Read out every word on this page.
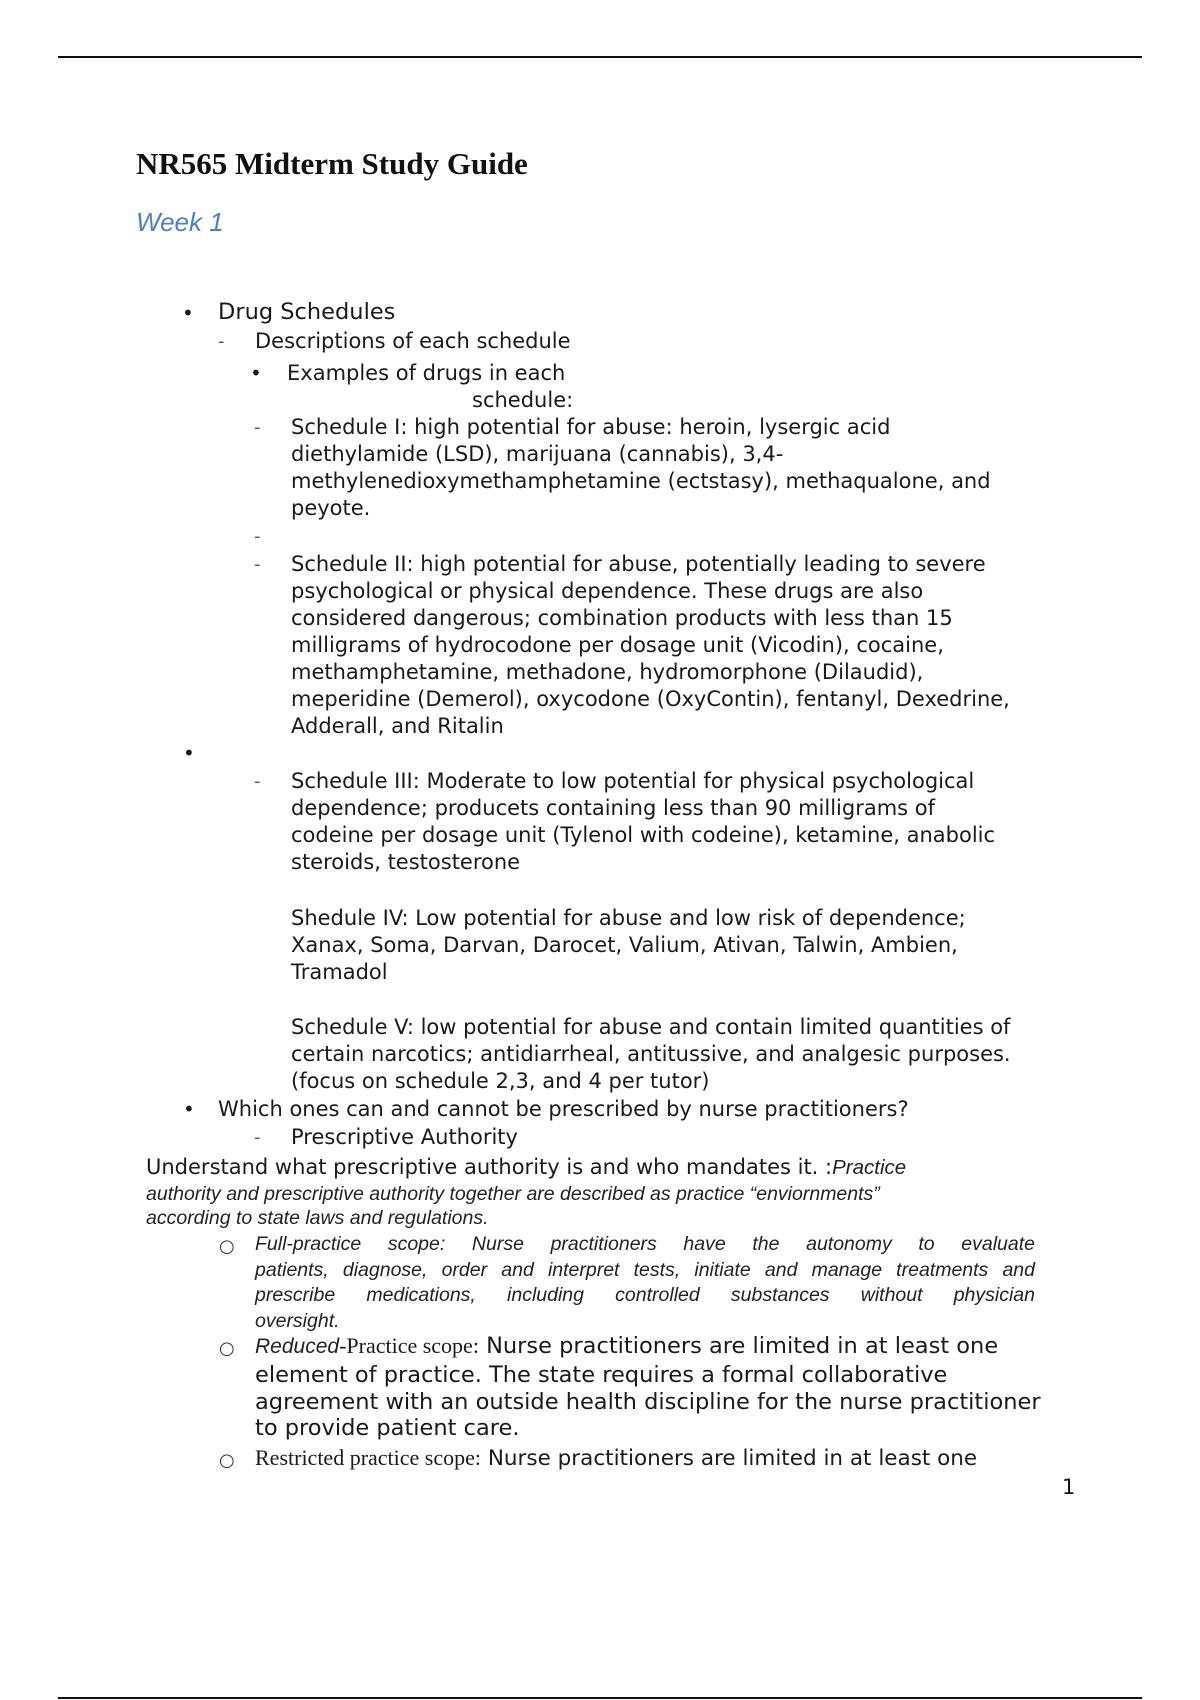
NR565 Midterm Study Guide
Week 1
• Drug Schedules
- Descriptions of each schedule
• Examples of drugs in each
schedule:
- Schedule I: high potential for abuse: heroin, lysergic acid
diethylamide (LSD), marijuana (cannabis), 3,4-
methylenedioxymethamphetamine (ectstasy), methaqualone, and
peyote.
-
- Schedule II: high potential for abuse, potentially leading to severe
psychological or physical dependence. These drugs are also
considered dangerous; combination products with less than 15
milligrams of hydrocodone per dosage unit (Vicodin), cocaine,
methamphetamine, methadone, hydromorphone (Dilaudid),
meperidine (Demerol), oxycodone (OxyContin), fentanyl, Dexedrine,
Adderall, and Ritalin
•
- Schedule III: Moderate to low potential for physical psychological
dependence; producets containing less than 90 milligrams of
codeine per dosage unit (Tylenol with codeine), ketamine, anabolic
steroids, testosterone
Shedule IV: Low potential for abuse and low risk of dependence;
Xanax, Soma, Darvan, Darocet, Valium, Ativan, Talwin, Ambien,
Tramadol
Schedule V: low potential for abuse and contain limited quantities of
certain narcotics; antidiarrheal, antitussive, and analgesic purposes.
(focus on schedule 2,3, and 4 per tutor)
• Which ones can and cannot be prescribed by nurse practitioners?
- Prescriptive Authority
Understand what prescriptive authority is and who mandates it. :Practice
authority and prescriptive authority together are described as practice “enviornments”
according to state laws and regulations.
○ Full-practice scope: Nurse practitioners have the autonomy to evaluate
patients, diagnose, order and interpret tests, initiate and manage treatments and
prescribe medications, including controlled substances without physician
oversight.
○ Reduced-Practice scope: Nurse practitioners are limited in at least one
element of practice. The state requires a formal collaborative
agreement with an outside health discipline for the nurse practitioner
to provide patient care.
○ Restricted practice scope: Nurse practitioners are limited in at least one
1
